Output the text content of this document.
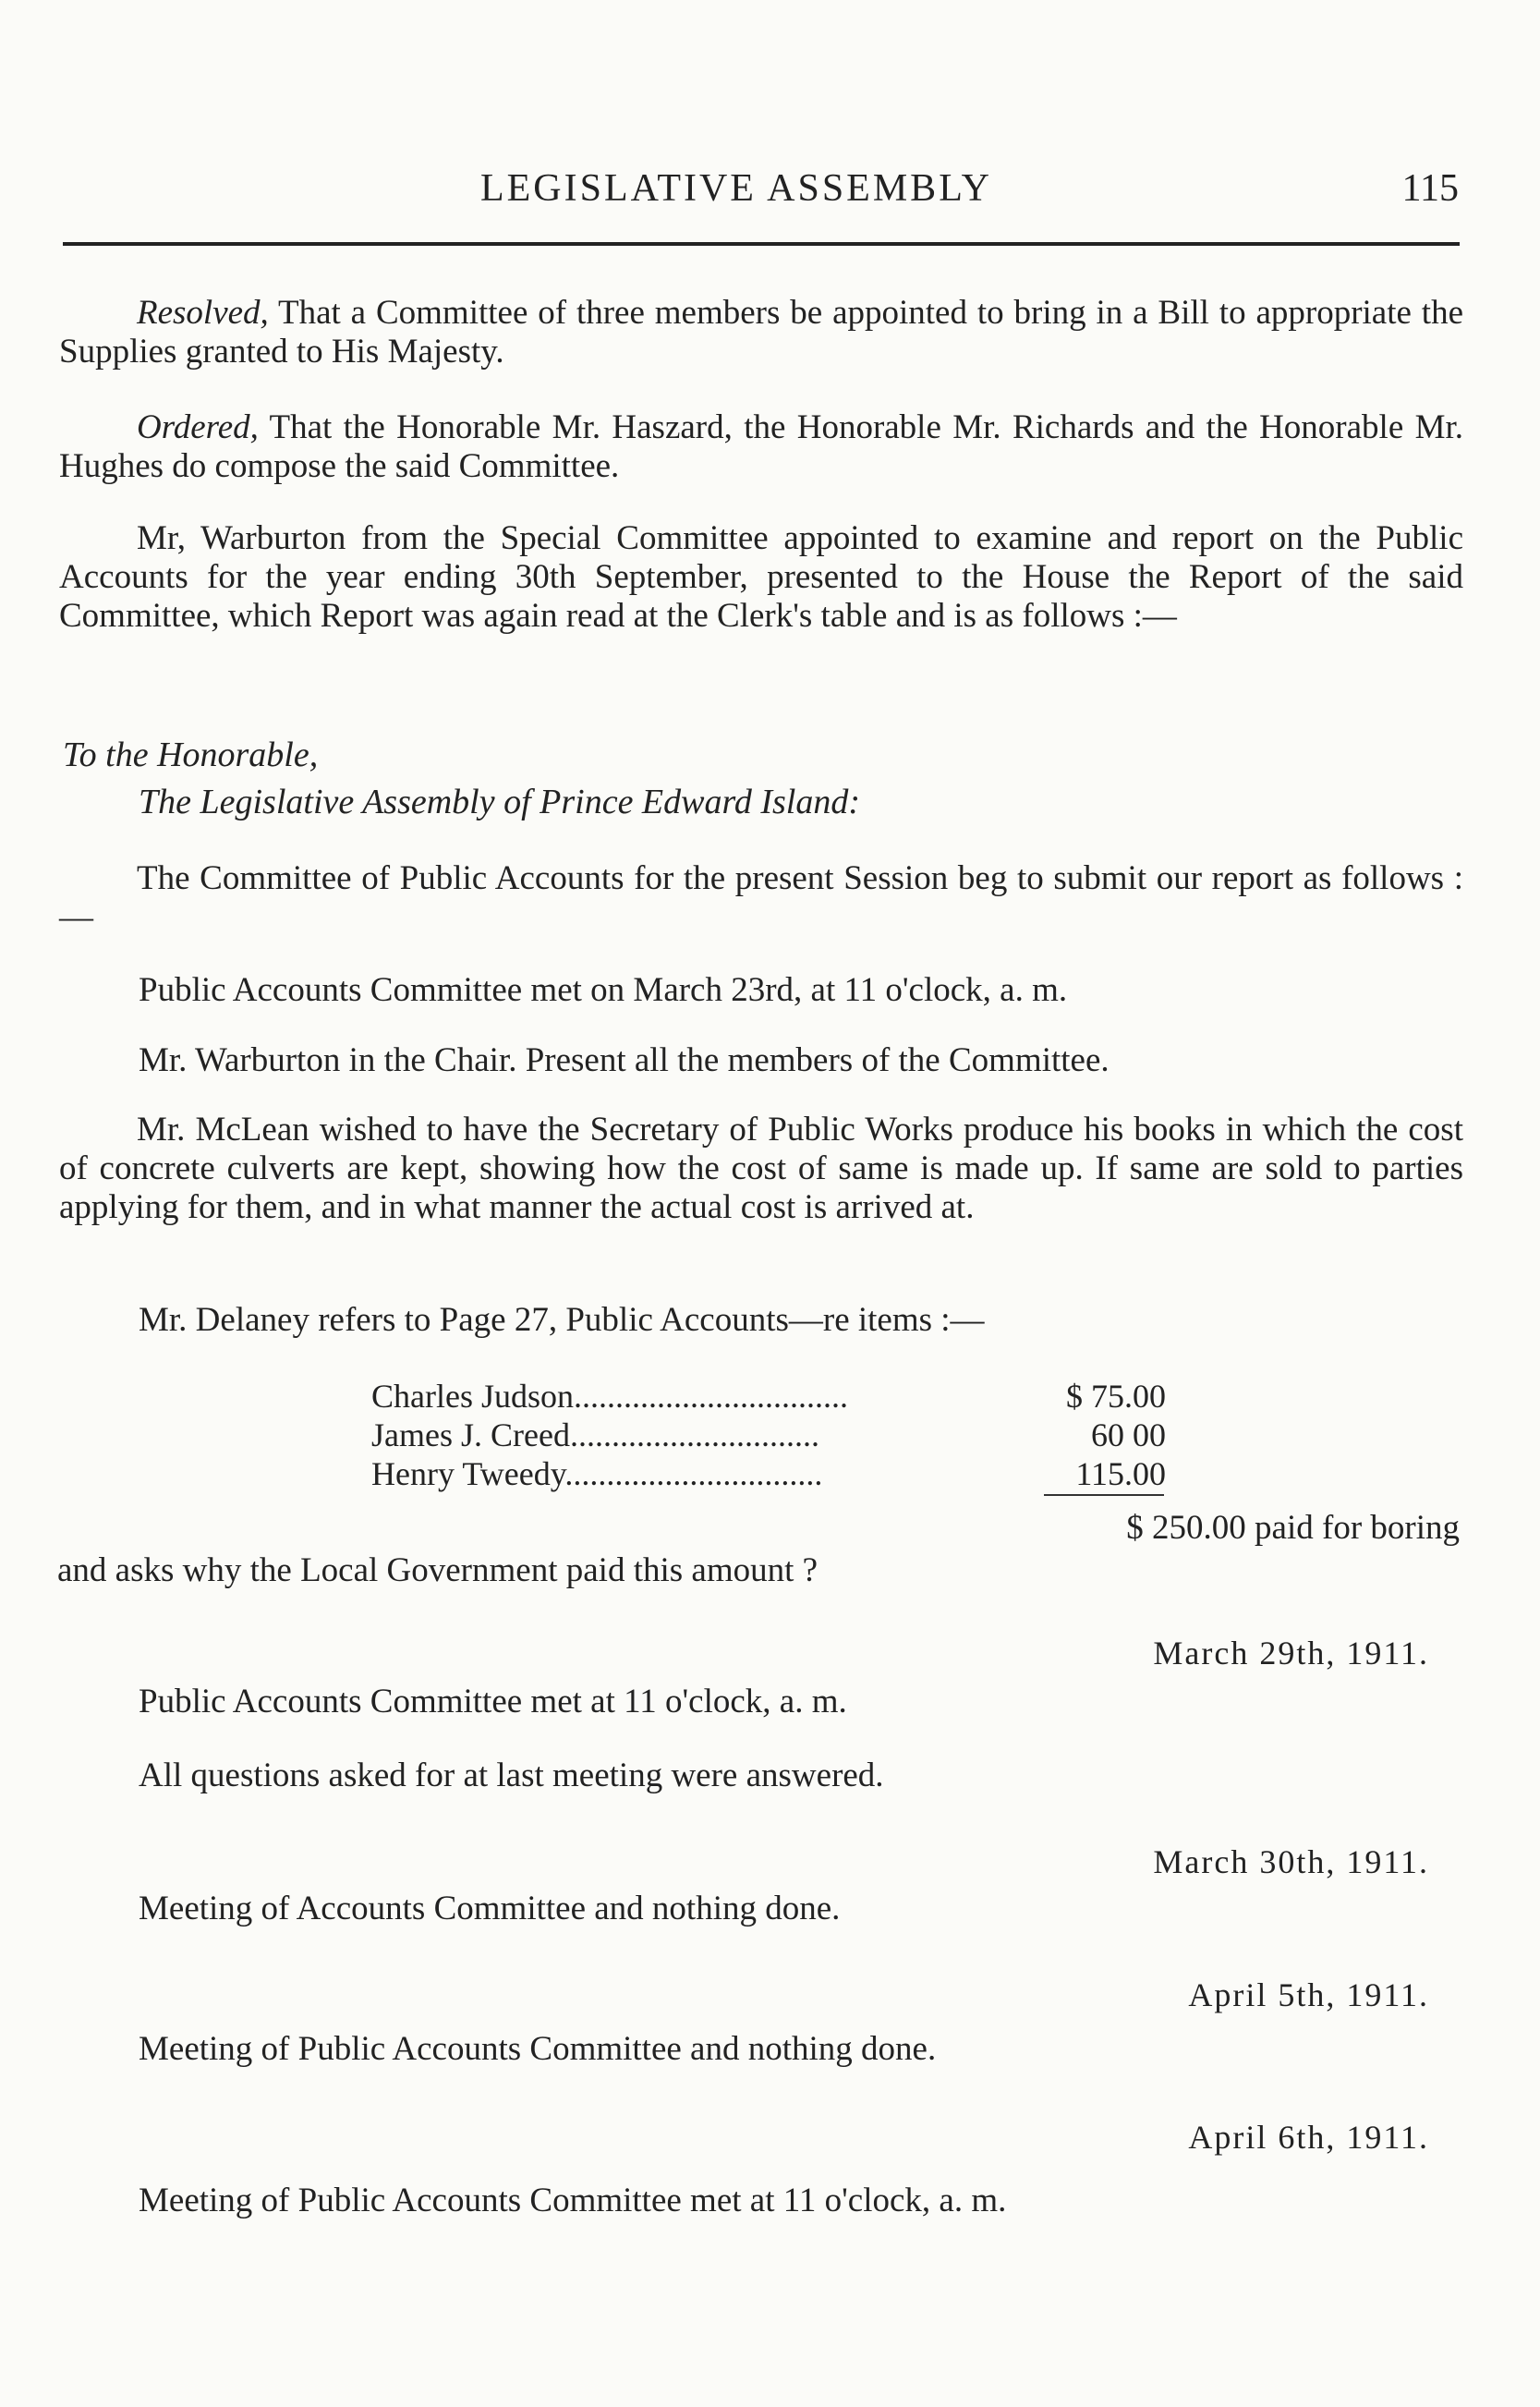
LEGISLATIVE ASSEMBLY	115

Resolved, That a Committee of three members be appointed to bring in a Bill to appropriate the Supplies granted to His Majesty.

Ordered, That the Honorable Mr. Haszard, the Honorable Mr. Richards and the Honorable Mr. Hughes do compose the said Committee.

Mr, Warburton from the Special Committee appointed to examine and report on the Public Accounts for the year ending 30th September, presented to the House the Report of the said Committee, which Report was again read at the Clerk's table and is as follows :—

To the Honorable,
The Legislative Assembly of Prince Edward Island:

The Committee of Public Accounts for the present Session beg to submit our report as follows :—

Public Accounts Committee met on March 23rd, at 11 o'clock, a. m.
Mr. Warburton in the Chair. Present all the members of the Committee.

Mr. McLean wished to have the Secretary of Public Works produce his books in which the cost of concrete culverts are kept, showing how the cost of same is made up. If same are sold to parties applying for them, and in what manner the actual cost is arrived at.

Mr. Delaney refers to Page 27, Public Accounts—re items :—
Charles Judson.................................	$ 75.00
James J. Creed..............................	60 00
Henry Tweedy...............................	115.00
$ 250.00 paid for boring
and asks why the Local Government paid this amount ?
March 29th, 1911.
Public Accounts Committee met at 11 o'clock, a. m.
All questions asked for at last meeting were answered.
March 30th, 1911.
Meeting of Accounts Committee and nothing done.
April 5th, 1911.
Meeting of Public Accounts Committee and nothing done.
April 6th, 1911.
Meeting of Public Accounts Committee met at 11 o'clock, a. m.
